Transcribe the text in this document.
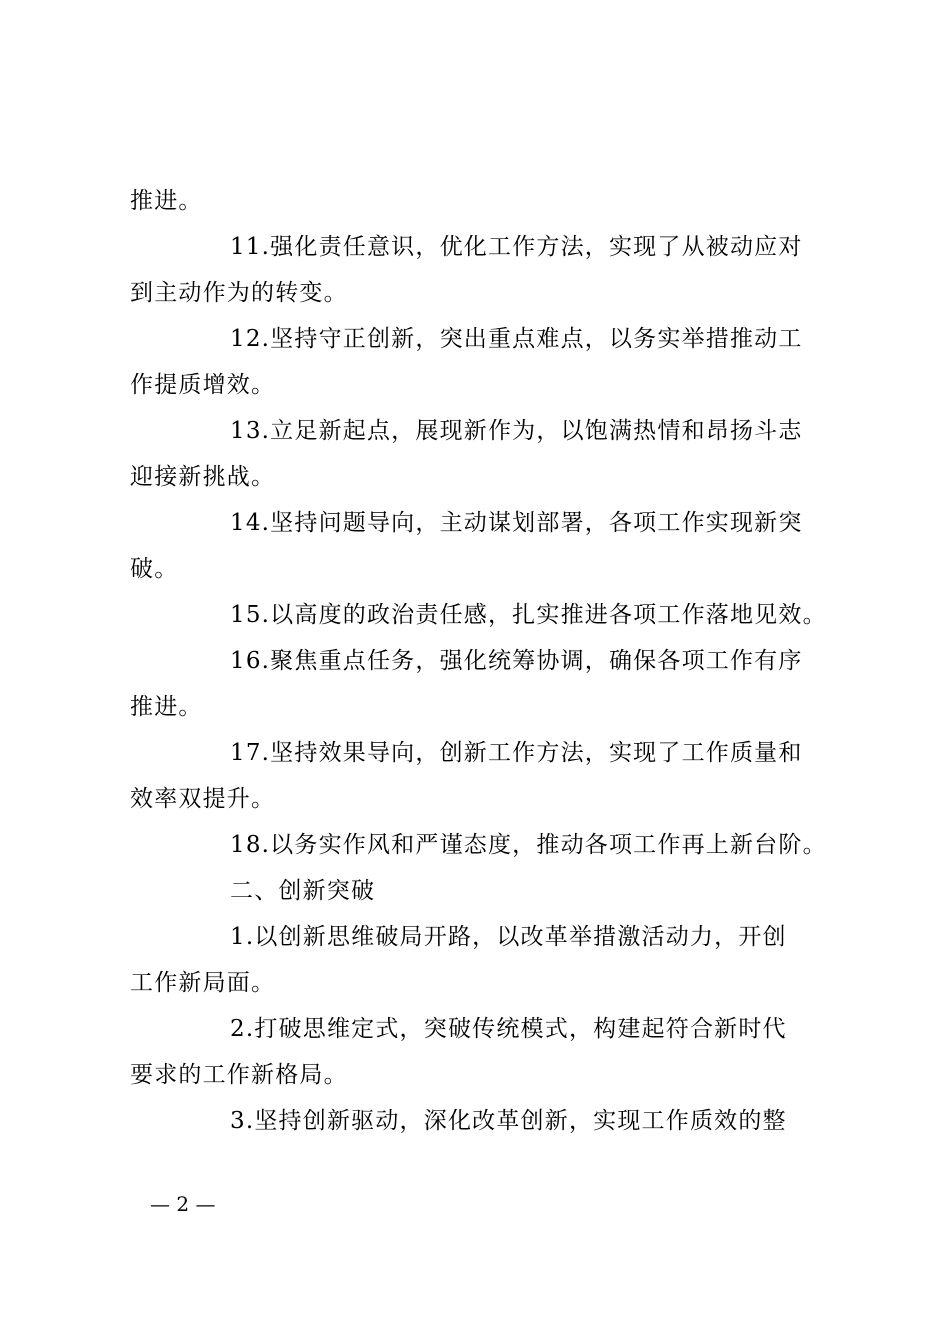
推进。
11.强化责任意识，优化工作方法，实现了从被动应对
到主动作为的转变。
12.坚持守正创新，突出重点难点，以务实举措推动工
作提质增效。
13.立足新起点，展现新作为，以饱满热情和昂扬斗志
迎接新挑战。
14.坚持问题导向，主动谋划部署，各项工作实现新突
破。
15.以高度的政治责任感，扎实推进各项工作落地见效。
16.聚焦重点任务，强化统筹协调，确保各项工作有序
推进。
17.坚持效果导向，创新工作方法，实现了工作质量和
效率双提升。
18.以务实作风和严谨态度，推动各项工作再上新台阶。
二、创新突破
1.以创新思维破局开路，以改革举措激活动力，开创
工作新局面。
2.打破思维定式，突破传统模式，构建起符合新时代
要求的工作新格局。
3.坚持创新驱动，深化改革创新，实现工作质效的整
— 2 —
